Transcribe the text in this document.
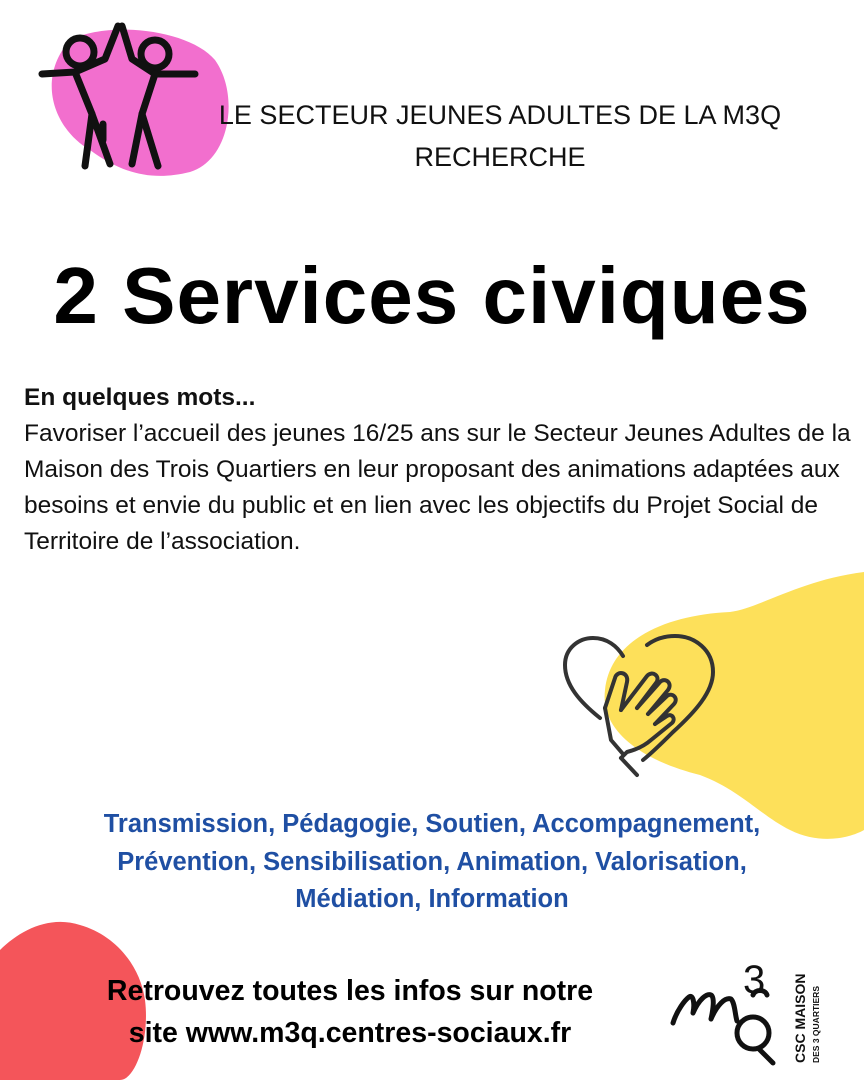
LE SECTEUR JEUNES ADULTES DE LA M3Q
RECHERCHE
2 Services civiques
En quelques mots...
Favoriser l’accueil des jeunes 16/25 ans sur le Secteur Jeunes Adultes de la Maison des Trois Quartiers en leur proposant des animations adaptées aux besoins et envie du public et en lien avec les objectifs du Projet Social de Territoire de l’association.
Transmission, Pédagogie, Soutien, Accompagnement,
Prévention, Sensibilisation, Animation, Valorisation,
Médiation, Information
Retrouvez toutes les infos sur notre
site www.m3q.centres-sociaux.fr
3 CSC MAISON DES 3 QUARTIERS
